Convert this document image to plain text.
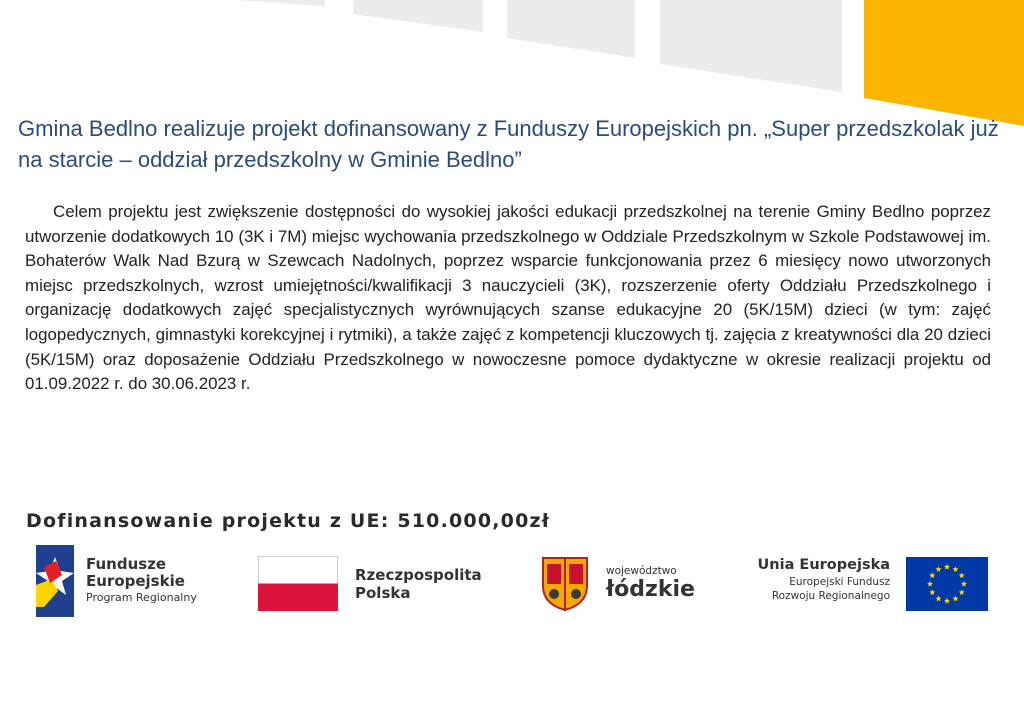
Gmina Bedlno realizuje projekt dofinansowany z Funduszy Europejskich pn. „Super przedszkolak już na starcie – oddział przedszkolny w Gminie Bedlno”

Celem projektu jest zwiększenie dostępności do wysokiej jakości edukacji przedszkolnej na terenie Gminy Bedlno poprzez utworzenie dodatkowych 10 (3K i 7M) miejsc wychowania przedszkolnego w Oddziale Przedszkolnym w Szkole Podstawowej im. Bohaterów Walk Nad Bzurą w Szewcach Nadolnych, poprzez wsparcie funkcjonowania przez 6 miesięcy nowo utworzonych miejsc przedszkolnych, wzrost umiejętności/kwalifikacji 3 nauczycieli (3K), rozszerzenie oferty Oddziału Przedszkolnego i organizację dodatkowych zajęć specjalistycznych wyrównujących szanse edukacyjne 20 (5K/15M) dzieci (w tym: zajęć logopedycznych, gimnastyki korekcyjnej i rytmiki), a także zajęć z kompetencji kluczowych tj. zajęcia z kreatywności dla 20 dzieci (5K/15M) oraz doposażenie Oddziału Przedszkolnego w nowoczesne pomoce dydaktyczne w okresie realizacji projektu od 01.09.2022 r. do 30.06.2023 r.

Dofinansowanie projektu z UE: 510.000,00zł
Fundusze
Europejskie
Program Regionalny
Rzeczpospolita
Polska
województwo
łódzkie
Unia Europejska
Europejski Fundusz
Rozwoju Regionalnego
